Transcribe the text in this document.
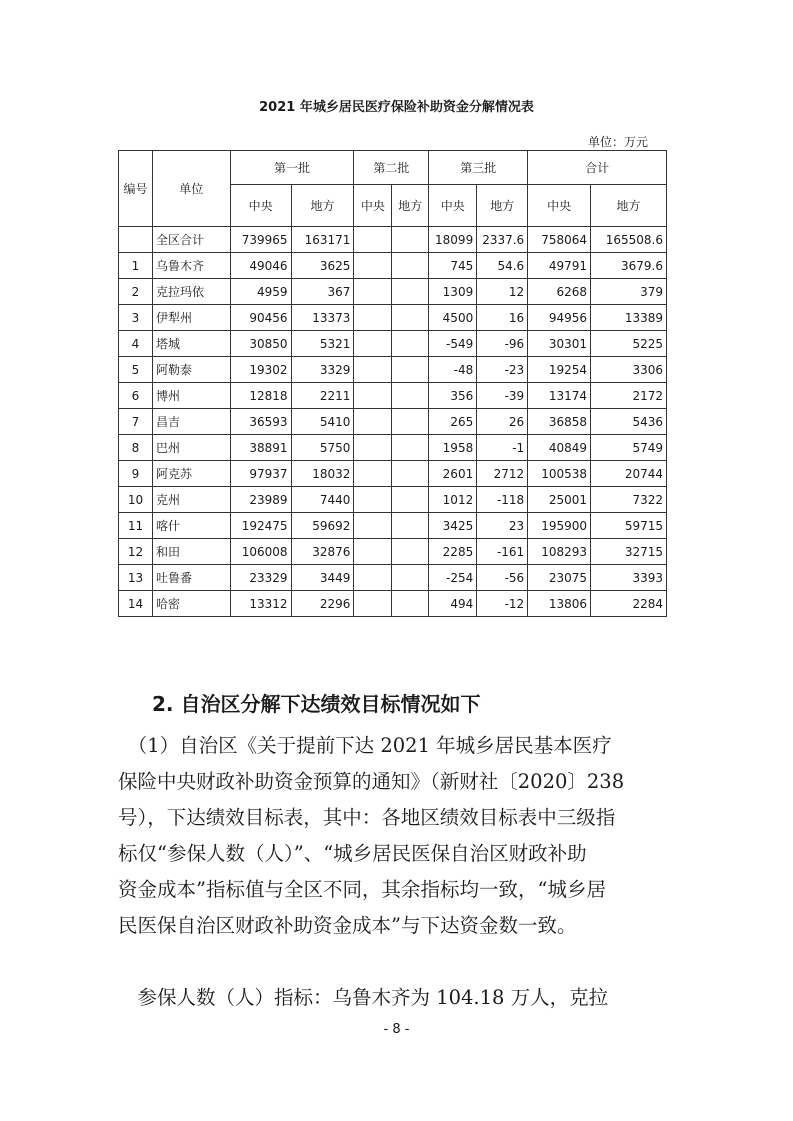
2021 年城乡居民医疗保险补助资金分解情况表
单位：万元
编号	单位	第一批		第二批		第三批		合计	
		中央	地方	中央	地方	中央	地方	中央	地方
	全区合计	739965	163171			18099	2337.6	758064	165508.6
1	乌鲁木齐	49046	3625			745	54.6	49791	3679.6
2	克拉玛依	4959	367			1309	12	6268	379
3	伊犁州	90456	13373			4500	16	94956	13389
4	塔城	30850	5321			-549	-96	30301	5225
5	阿勒泰	19302	3329			-48	-23	19254	3306
6	博州	12818	2211			356	-39	13174	2172
7	昌吉	36593	5410			265	26	36858	5436
8	巴州	38891	5750			1958	-1	40849	5749
9	阿克苏	97937	18032			2601	2712	100538	20744
10	克州	23989	7440			1012	-118	25001	7322
11	喀什	192475	59692			3425	23	195900	59715
12	和田	106008	32876			2285	-161	108293	32715
13	吐鲁番	23329	3449			-254	-56	23075	3393
14	哈密	13312	2296			494	-12	13806	2284
2. 自治区分解下达绩效目标情况如下
　（1）自治区《关于提前下达 2021 年城乡居民基本医疗
保险中央财政补助资金预算的通知》（新财社〔2020〕238
号），下达绩效目标表，其中：各地区绩效目标表中三级指
标仅“参保人数（人）”、“城乡居民医保自治区财政补助
资金成本”指标值与全区不同，其余指标均一致，“城乡居
民医保自治区财政补助资金成本”与下达资金数一致。
　参保人数（人）指标：乌鲁木齐为 104.18 万人，克拉
- 8 -
